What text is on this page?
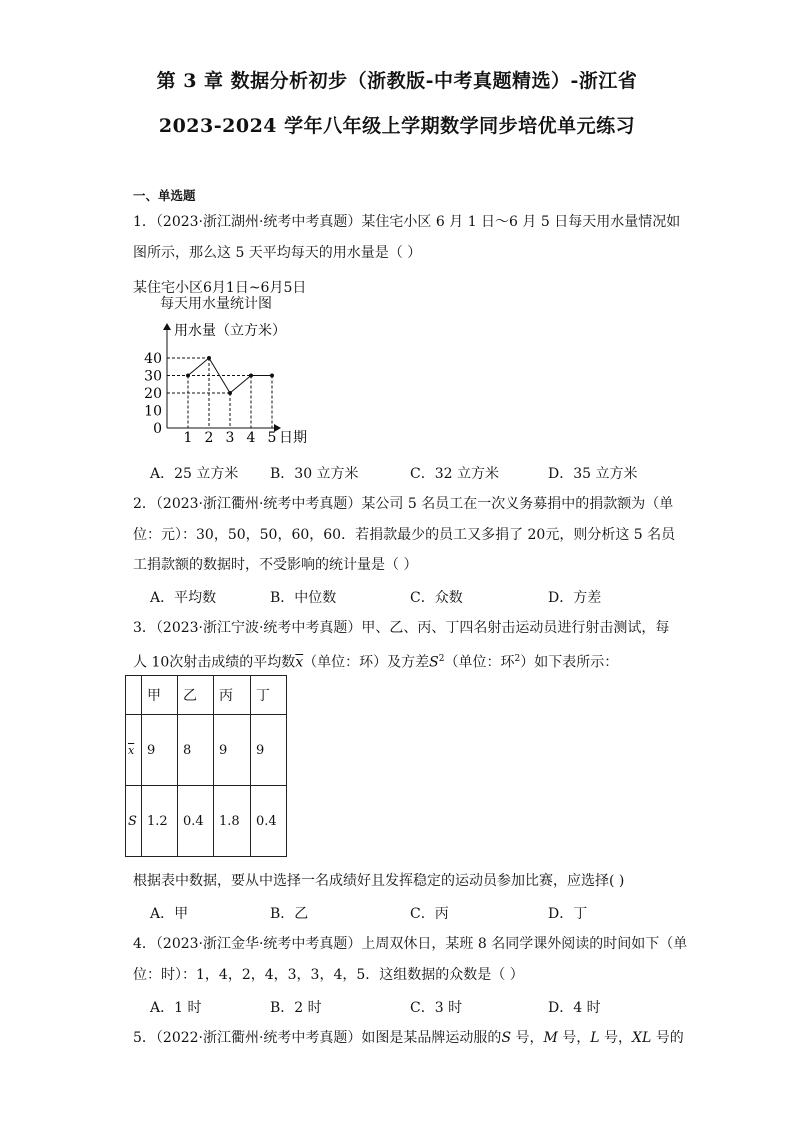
第 3 章 数据分析初步（浙教版-中考真题精选）-浙江省
2023-2024 学年八年级上学期数学同步培优单元练习
一、单选题
1．（2023·浙江湖州·统考中考真题）某住宅小区 6 月 1 日～6 月 5 日每天用水量情况如
图所示，那么这 5 天平均每天的用水量是（ ）
某住宅小区6月1日~6月5日
每天用水量统计图
用水量（立方米）
日期
0
10
20
30
40
1 2 3 4 5
A．25 立方米 B．30 立方米	C．32 立方米	D．35 立方米
2．（2023·浙江衢州·统考中考真题）某公司 5 名员工在一次义务募捐中的捐款额为（单
位：元）：30，50，50，60，60．若捐款最少的员工又多捐了 20元，则分析这 5 名员
工捐款额的数据时，不受影响的统计量是（ ）
A．平均数	B．中位数	C．众数	D．方差
3．（2023·浙江宁波·统考中考真题）甲、乙、丙、丁四名射击运动员进行射击测试，每
人 10次射击成绩的平均数$\overline{x}$（单位：环）及方差$S^2$（单位：环$^2$）如下表所示：
	甲	乙	丙	丁
$\overline{x}$	9	8	9	9
S	1.2	0.4	1.8	0.4
根据表中数据，要从中选择一名成绩好且发挥稳定的运动员参加比赛，应选择( )
A．甲	B．乙	C．丙	D．丁
4．（2023·浙江金华·统考中考真题）上周双休日，某班 8 名同学课外阅读的时间如下（单
位：时）：1，4，2，4，3，3，4，5．这组数据的众数是（ ）
A．1 时	B．2 时	C．3 时	D．4 时
5．（2022·浙江衢州·统考中考真题）如图是某品牌运动服的S 号，M 号，L 号，XL 号的
